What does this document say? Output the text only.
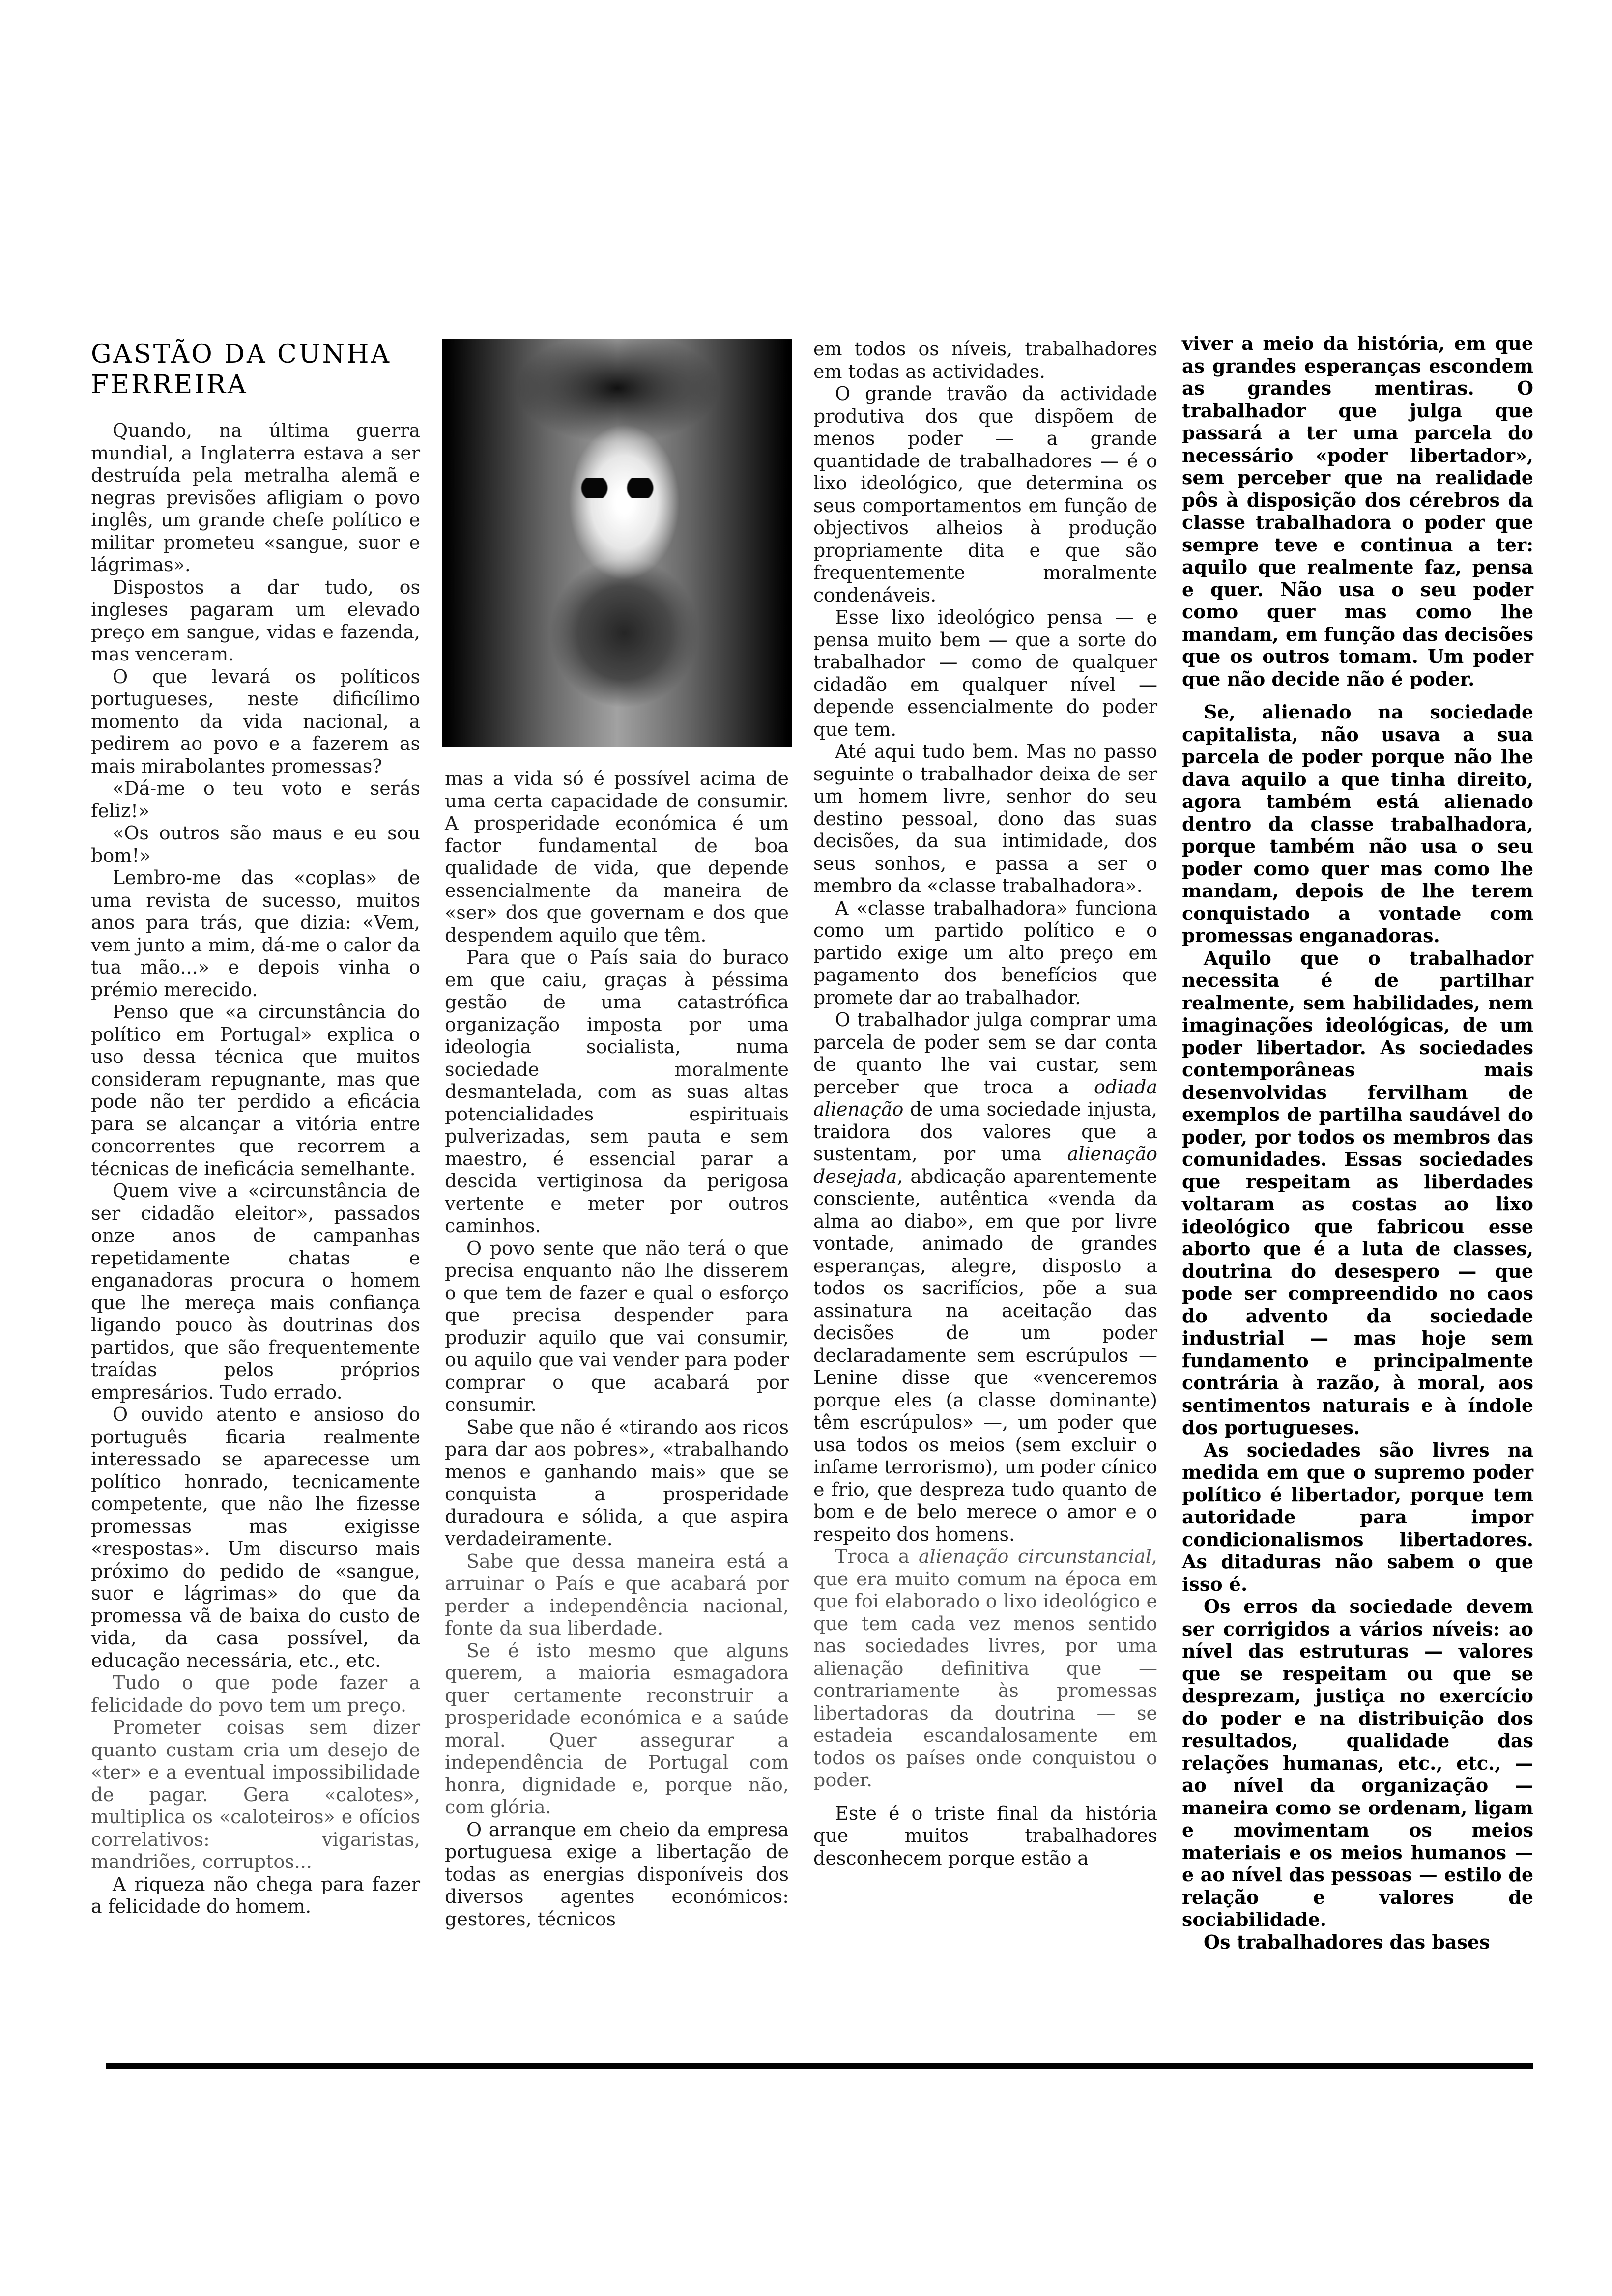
GASTÃO DA CUNHA FERREIRA

Quando, na última guerra mundial, a Inglaterra estava a ser destruída pela metralha alemã e negras previsões afligiam o povo inglês, um grande chefe político e militar prometeu «sangue, suor e lágrimas».

Dispostos a dar tudo, os ingleses pagaram um elevado preço em sangue, vidas e fazenda, mas venceram.

O que levará os políticos portugueses, neste dificílimo momento da vida nacional, a pedirem ao povo e a fazerem as mais mirabolantes promessas?

«Dá-me o teu voto e serás feliz!»

«Os outros são maus e eu sou bom!»

Lembro-me das «coplas» de uma revista de sucesso, muitos anos para trás, que dizia: «Vem, vem junto a mim, dá-me o calor da tua mão...» e depois vinha o prémio merecido.

Penso que «a circunstância do político em Portugal» explica o uso dessa técnica que muitos consideram repugnante, mas que pode não ter perdido a eficácia para se alcançar a vitória entre concorrentes que recorrem a técnicas de ineficácia semelhante.

Quem vive a «circunstância de ser cidadão eleitor», passados onze anos de campanhas repetidamente chatas e enganadoras procura o homem que lhe mereça mais confiança ligando pouco às doutrinas dos partidos, que são frequentemente traídas pelos próprios empresários. Tudo errado.

O ouvido atento e ansioso do português ficaria realmente interessado se aparecesse um político honrado, tecnicamente competente, que não lhe fizesse promessas mas exigisse «respostas». Um discurso mais próximo do pedido de «sangue, suor e lágrimas» do que da promessa vã de baixa do custo de vida, da casa possível, da educação necessária, etc., etc.

Tudo o que pode fazer a felicidade do povo tem um preço.

Prometer coisas sem dizer quanto custam cria um desejo de «ter» e a eventual impossibilidade de pagar. Gera «calotes», multiplica os «caloteiros» e ofícios correlativos: vigaristas, mandriões, corruptos...

A riqueza não chega para fazer a felicidade do homem.

mas a vida só é possível acima de uma certa capacidade de consumir. A prosperidade económica é um factor fundamental de boa qualidade de vida, que depende essencialmente da maneira de «ser» dos que governam e dos que despendem aquilo que têm.

Para que o País saia do buraco em que caiu, graças à péssima gestão de uma catastrófica organização imposta por uma ideologia socialista, numa sociedade moralmente desmantelada, com as suas altas potencialidades espirituais pulverizadas, sem pauta e sem maestro, é essencial parar a descida vertiginosa da perigosa vertente e meter por outros caminhos.

O povo sente que não terá o que precisa enquanto não lhe disserem o que tem de fazer e qual o esforço que precisa despender para produzir aquilo que vai consumir, ou aquilo que vai vender para poder comprar o que acabará por consumir.

Sabe que não é «tirando aos ricos para dar aos pobres», «trabalhando menos e ganhando mais» que se conquista a prosperidade duradoura e sólida, a que aspira verdadeiramente.

Sabe que dessa maneira está a arruinar o País e que acabará por perder a independência nacional, fonte da sua liberdade.

Se é isto mesmo que alguns querem, a maioria esmagadora quer certamente reconstruir a prosperidade económica e a saúde moral. Quer assegurar a independência de Portugal com honra, dignidade e, porque não, com glória.

O arranque em cheio da empresa portuguesa exige a libertação de todas as energias disponíveis dos diversos agentes económicos: gestores, técnicos

em todos os níveis, trabalhadores em todas as actividades.

O grande travão da actividade produtiva dos que dispõem de menos poder — a grande quantidade de trabalhadores — é o lixo ideológico, que determina os seus comportamentos em função de objectivos alheios à produção propriamente dita e que são frequentemente moralmente condenáveis.

Esse lixo ideológico pensa — e pensa muito bem — que a sorte do trabalhador — como de qualquer cidadão em qualquer nível — depende essencialmente do poder que tem.

Até aqui tudo bem. Mas no passo seguinte o trabalhador deixa de ser um homem livre, senhor do seu destino pessoal, dono das suas decisões, da sua intimidade, dos seus sonhos, e passa a ser o membro da «classe trabalhadora».

A «classe trabalhadora» funciona como um partido político e o partido exige um alto preço em pagamento dos benefícios que promete dar ao trabalhador.

O trabalhador julga comprar uma parcela de poder sem se dar conta de quanto lhe vai custar, sem perceber que troca a odiada alienação de uma sociedade injusta, traidora dos valores que a sustentam, por uma alienação desejada, abdicação aparentemente consciente, autêntica «venda da alma ao diabo», em que por livre vontade, animado de grandes esperanças, alegre, disposto a todos os sacrifícios, põe a sua assinatura na aceitação das decisões de um poder declaradamente sem escrúpulos — Lenine disse que «venceremos porque eles (a classe dominante) têm escrúpulos» —, um poder que usa todos os meios (sem excluir o infame terrorismo), um poder cínico e frio, que despreza tudo quanto de bom e de belo merece o amor e o respeito dos homens.

Troca a alienação circunstancial, que era muito comum na época em que foi elaborado o lixo ideológico e que tem cada vez menos sentido nas sociedades livres, por uma alienação definitiva que — contrariamente às promessas libertadoras da doutrina — se estadeia escandalosamente em todos os países onde conquistou o poder.

Este é o triste final da história que muitos trabalhadores desconhecem porque estão a

viver a meio da história, em que as grandes esperanças escondem as grandes mentiras. O trabalhador que julga que passará a ter uma parcela do necessário «poder libertador», sem perceber que na realidade pôs à disposição dos cérebros da classe trabalhadora o poder que sempre teve e continua a ter: aquilo que realmente faz, pensa e quer. Não usa o seu poder como quer mas como lhe mandam, em função das decisões que os outros tomam. Um poder que não decide não é poder.

Se, alienado na sociedade capitalista, não usava a sua parcela de poder porque não lhe dava aquilo a que tinha direito, agora também está alienado dentro da classe trabalhadora, porque também não usa o seu poder como quer mas como lhe mandam, depois de lhe terem conquistado a vontade com promessas enganadoras.

Aquilo que o trabalhador necessita é de partilhar realmente, sem habilidades, nem imaginações ideológicas, de um poder libertador. As sociedades contemporâneas mais desenvolvidas fervilham de exemplos de partilha saudável do poder, por todos os membros das comunidades. Essas sociedades que respeitam as liberdades voltaram as costas ao lixo ideológico que fabricou esse aborto que é a luta de classes, doutrina do desespero — que pode ser compreendido no caos do advento da sociedade industrial — mas hoje sem fundamento e principalmente contrária à razão, à moral, aos sentimentos naturais e à índole dos portugueses.

As sociedades são livres na medida em que o supremo poder político é libertador, porque tem autoridade para impor condicionalismos libertadores. As ditaduras não sabem o que isso é.

Os erros da sociedade devem ser corrigidos a vários níveis: ao nível das estruturas — valores que se respeitam ou que se desprezam, justiça no exercício do poder e na distribuição dos resultados, qualidade das relações humanas, etc., etc., — ao nível da organização — maneira como se ordenam, ligam e movimentam os meios materiais e os meios humanos — e ao nível das pessoas — estilo de relação e valores de sociabilidade.

Os trabalhadores das bases
